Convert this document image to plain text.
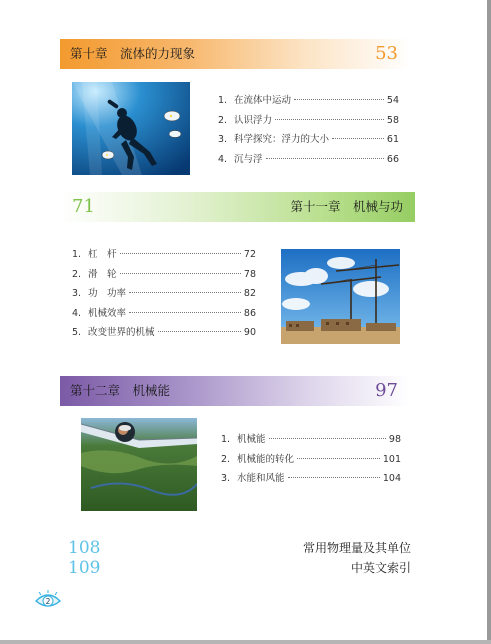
第十章　流体的力现象	53
1. 在流体中运动	54
2. 认识浮力	58
3. 科学探究：浮力的大小	61
4. 沉与浮	66
71	第十一章　机械与功
1. 杠　杆	72
2. 滑　轮	78
3. 功　功率	82
4. 机械效率	86
5. 改变世界的机械	90
第十二章　机械能	97
1. 机械能	98
2. 机械能的转化	101
3. 水能和风能	104
108	常用物理量及其单位
109	中英文索引
2
